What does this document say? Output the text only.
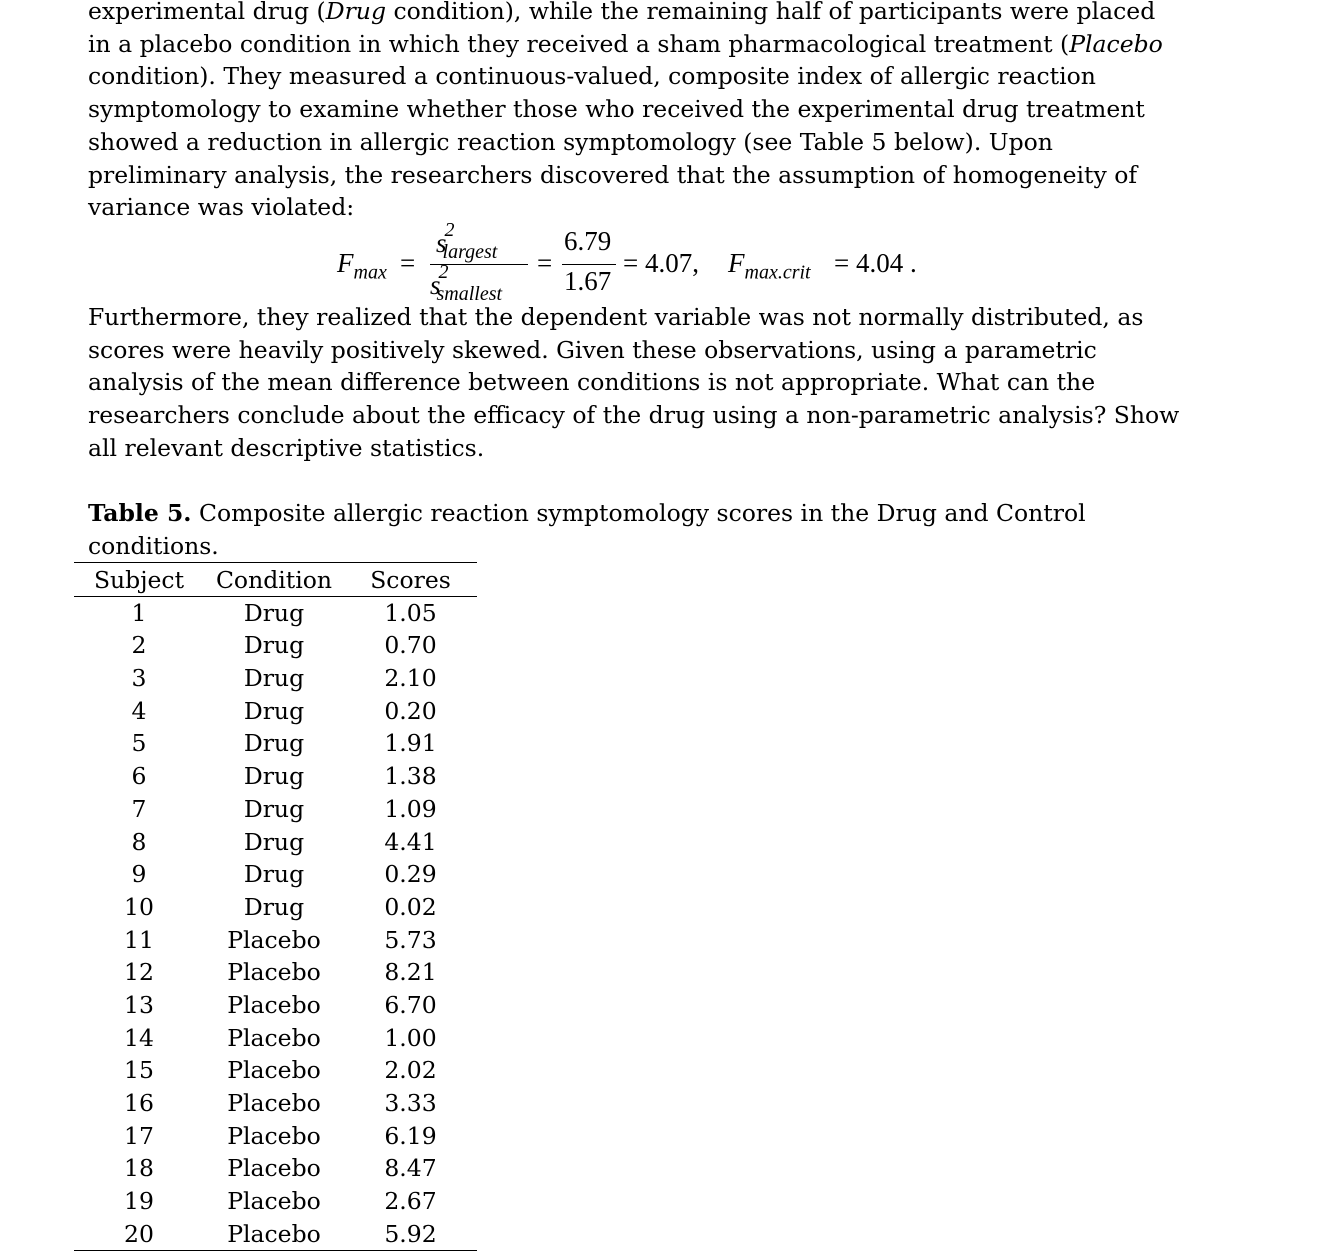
experimental drug (Drug condition), while the remaining half of participants were placed
in a placebo condition in which they received a sham pharmacological treatment (Placebo
condition). They measured a continuous-valued, composite index of allergic reaction
symptomology to examine whether those who received the experimental drug treatment
showed a reduction in allergic reaction symptomology (see Table 5 below). Upon
preliminary analysis, the researchers discovered that the assumption of homogeneity of
variance was violated:

$F_{max}$ =
$s^2_{largest}$
$s^2_{smallest}$
=
6.79
1.67
= 4.07, $F_{max.crit} = 4.04$ .

Furthermore, they realized that the dependent variable was not normally distributed, as
scores were heavily positively skewed. Given these observations, using a parametric
analysis of the mean difference between conditions is not appropriate. What can the
researchers conclude about the efficacy of the drug using a non-parametric analysis? Show
all relevant descriptive statistics.

Table 5. Composite allergic reaction symptomology scores in the Drug and Control
conditions.
Subject	Condition	Scores
1	Drug	1.05
2	Drug	0.70
3	Drug	2.10
4	Drug	0.20
5	Drug	1.91
6	Drug	1.38
7	Drug	1.09
8	Drug	4.41
9	Drug	0.29
10	Drug	0.02
11	Placebo	5.73
12	Placebo	8.21
13	Placebo	6.70
14	Placebo	1.00
15	Placebo	2.02
16	Placebo	3.33
17	Placebo	6.19
18	Placebo	8.47
19	Placebo	2.67
20	Placebo	5.92
